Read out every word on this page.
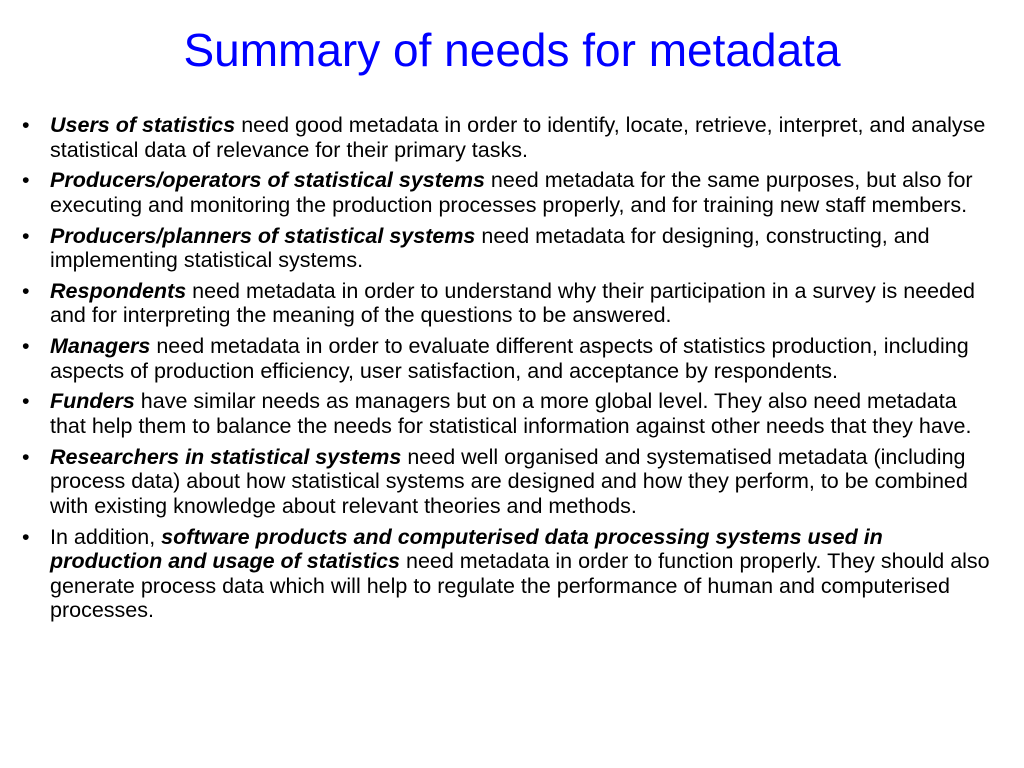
Summary of needs for metadata
• Users of statistics need good metadata in order to identify, locate, retrieve, interpret, and analyse statistical data of relevance for their primary tasks.
• Producers/operators of statistical systems need metadata for the same purposes, but also for executing and monitoring the production processes properly, and for training new staff members.
• Producers/planners of statistical systems need metadata for designing, constructing, and implementing statistical systems.
• Respondents need metadata in order to understand why their participation in a survey is needed and for interpreting the meaning of the questions to be answered.
• Managers need metadata in order to evaluate different aspects of statistics production, including aspects of production efficiency, user satisfaction, and acceptance by respondents.
• Funders have similar needs as managers but on a more global level. They also need metadata that help them to balance the needs for statistical information against other needs that they have.
• Researchers in statistical systems need well organised and systematised metadata (including process data) about how statistical systems are designed and how they perform, to be combined with existing knowledge about relevant theories and methods.
• In addition, software products and computerised data processing systems used in production and usage of statistics need metadata in order to function properly. They should also generate process data which will help to regulate the performance of human and computerised processes.
